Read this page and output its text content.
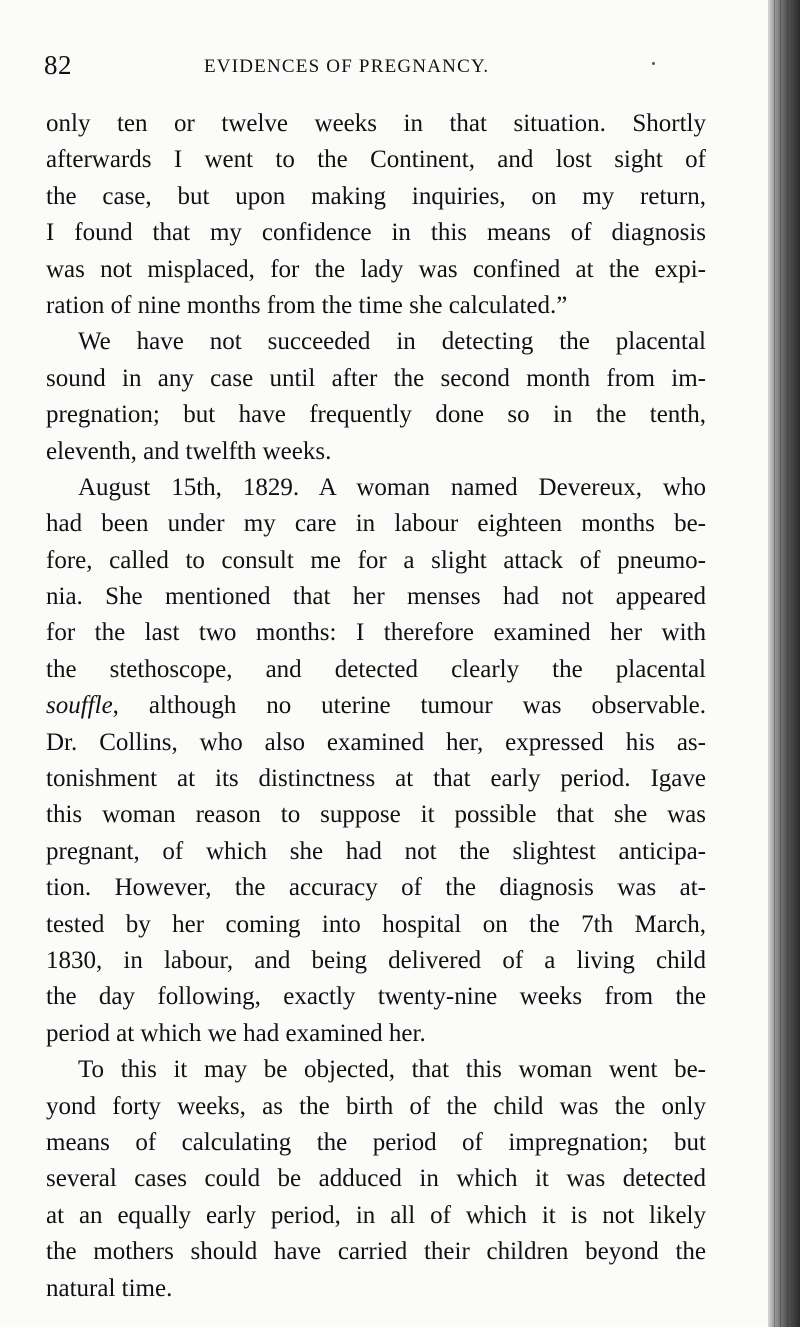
82	EVIDENCES OF PREGNANCY.
only ten or twelve weeks in that situation. Shortly
afterwards I went to the Continent, and lost sight of
the case, but upon making inquiries, on my return,
I found that my confidence in this means of diagnosis
was not misplaced, for the lady was confined at the expi-
ration of nine months from the time she calculated.”
We have not succeeded in detecting the placental
sound in any case until after the second month from im-
pregnation; but have frequently done so in the tenth,
eleventh, and twelfth weeks.
August 15th, 1829. A woman named Devereux, who
had been under my care in labour eighteen months be-
fore, called to consult me for a slight attack of pneumo-
nia. She mentioned that her menses had not appeared
for the last two months: I therefore examined her with
the stethoscope, and detected clearly the placental
souffle, although no uterine tumour was observable.
Dr. Collins, who also examined her, expressed his as-
tonishment at its distinctness at that early period. Igave
this woman reason to suppose it possible that she was
pregnant, of which she had not the slightest anticipa-
tion. However, the accuracy of the diagnosis was at-
tested by her coming into hospital on the 7th March,
1830, in labour, and being delivered of a living child
the day following, exactly twenty-nine weeks from the
period at which we had examined her.
To this it may be objected, that this woman went be-
yond forty weeks, as the birth of the child was the only
means of calculating the period of impregnation; but
several cases could be adduced in which it was detected
at an equally early period, in all of which it is not likely
the mothers should have carried their children beyond the
natural time.
